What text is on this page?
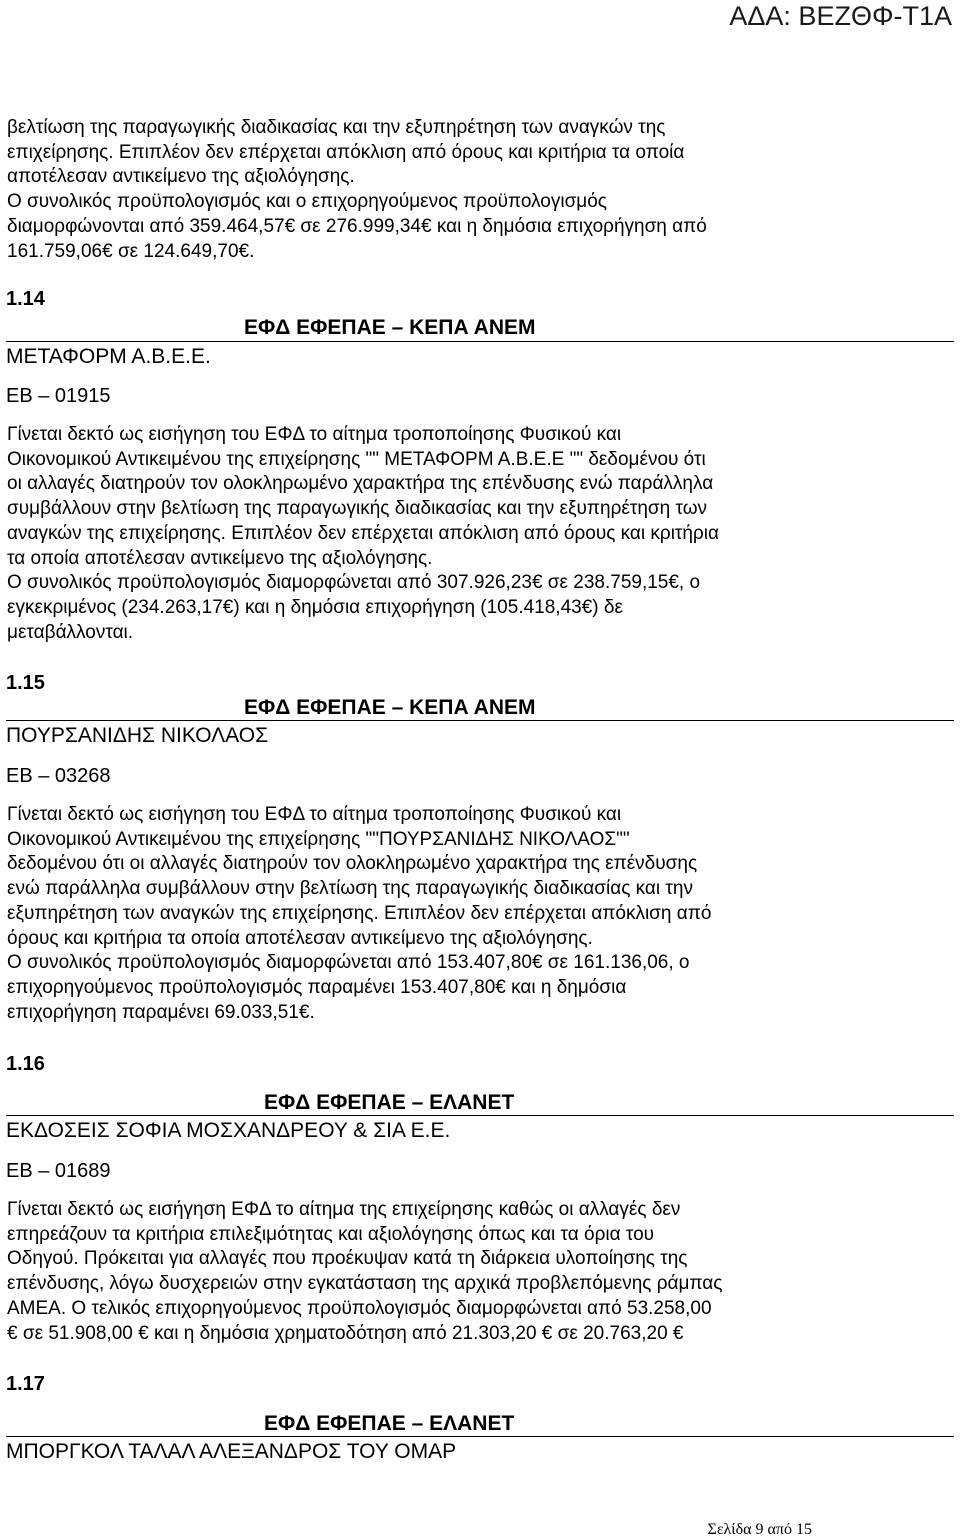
ΑΔΑ: ΒΕΖΘΦ-Τ1Α
βελτίωση της παραγωγικής διαδικασίας και την εξυπηρέτηση των αναγκών της
επιχείρησης. Επιπλέον δεν επέρχεται απόκλιση από όρους και κριτήρια τα οποία
αποτέλεσαν αντικείμενο της αξιολόγησης.
Ο συνολικός προϋπολογισμός και ο επιχορηγούμενος προϋπολογισμός
διαμορφώνονται από 359.464,57€ σε 276.999,34€ και η δημόσια επιχορήγηση από
161.759,06€ σε 124.649,70€.
1.14
ΕΦΔ ΕΦΕΠΑΕ – ΚΕΠΑ ΑΝΕΜ
ΜΕΤΑΦΟΡΜ Α.Β.Ε.Ε.
ΕΒ – 01915
Γίνεται δεκτό ως εισήγηση του ΕΦΔ το αίτημα τροποποίησης Φυσικού και
Οικονομικού Αντικειμένου της επιχείρησης "" ΜΕΤΑΦΟΡΜ Α.Β.Ε.Ε "" δεδομένου ότι
οι αλλαγές διατηρούν τον ολοκληρωμένο χαρακτήρα της επένδυσης ενώ παράλληλα
συμβάλλουν στην βελτίωση της παραγωγικής διαδικασίας και την εξυπηρέτηση των
αναγκών της επιχείρησης. Επιπλέον δεν επέρχεται απόκλιση από όρους και κριτήρια
τα οποία αποτέλεσαν αντικείμενο της αξιολόγησης.
Ο συνολικός προϋπολογισμός διαμορφώνεται από 307.926,23€ σε 238.759,15€, ο
εγκεκριμένος (234.263,17€) και η δημόσια επιχορήγηση (105.418,43€) δε
μεταβάλλονται.
1.15
ΕΦΔ ΕΦΕΠΑΕ – ΚΕΠΑ ΑΝΕΜ
ΠΟΥΡΣΑΝΙΔΗΣ ΝΙΚΟΛΑΟΣ
ΕΒ – 03268
Γίνεται δεκτό ως εισήγηση του ΕΦΔ το αίτημα τροποποίησης Φυσικού και
Οικονομικού Αντικειμένου της επιχείρησης ""ΠΟΥΡΣΑΝΙΔΗΣ ΝΙΚΟΛΑΟΣ""
δεδομένου ότι οι αλλαγές διατηρούν τον ολοκληρωμένο χαρακτήρα της επένδυσης
ενώ παράλληλα συμβάλλουν στην βελτίωση της παραγωγικής διαδικασίας και την
εξυπηρέτηση των αναγκών της επιχείρησης. Επιπλέον δεν επέρχεται απόκλιση από
όρους και κριτήρια τα οποία αποτέλεσαν αντικείμενο της αξιολόγησης.
Ο συνολικός προϋπολογισμός διαμορφώνεται από 153.407,80€ σε 161.136,06, ο
επιχορηγούμενος προϋπολογισμός παραμένει 153.407,80€ και η δημόσια
επιχορήγηση παραμένει 69.033,51€.
1.16
ΕΦΔ ΕΦΕΠΑΕ – ΕΛΑΝΕΤ
ΕΚΔΟΣΕΙΣ ΣΟΦΙΑ ΜΟΣΧΑΝΔΡΕΟΥ & ΣΙΑ Ε.Ε.
ΕΒ – 01689
Γίνεται δεκτό ως εισήγηση ΕΦΔ το αίτημα της επιχείρησης καθώς οι αλλαγές δεν
επηρεάζουν τα κριτήρια επιλεξιμότητας και αξιολόγησης όπως και τα όρια του
Οδηγού. Πρόκειται για αλλαγές που προέκυψαν κατά τη διάρκεια υλοποίησης της
επένδυσης, λόγω δυσχερειών στην εγκατάσταση της αρχικά προβλεπόμενης ράμπας
ΑΜΕΑ. Ο τελικός επιχορηγούμενος προϋπολογισμός διαμορφώνεται από 53.258,00
€ σε 51.908,00 € και η δημόσια χρηματοδότηση από 21.303,20 € σε 20.763,20 €
1.17
ΕΦΔ ΕΦΕΠΑΕ – ΕΛΑΝΕΤ
ΜΠΟΡΓΚΟΛ ΤΑΛΑΛ ΑΛΕΞΑΝΔΡΟΣ ΤΟΥ ΟΜΑΡ
Σελίδα 9 από 15
